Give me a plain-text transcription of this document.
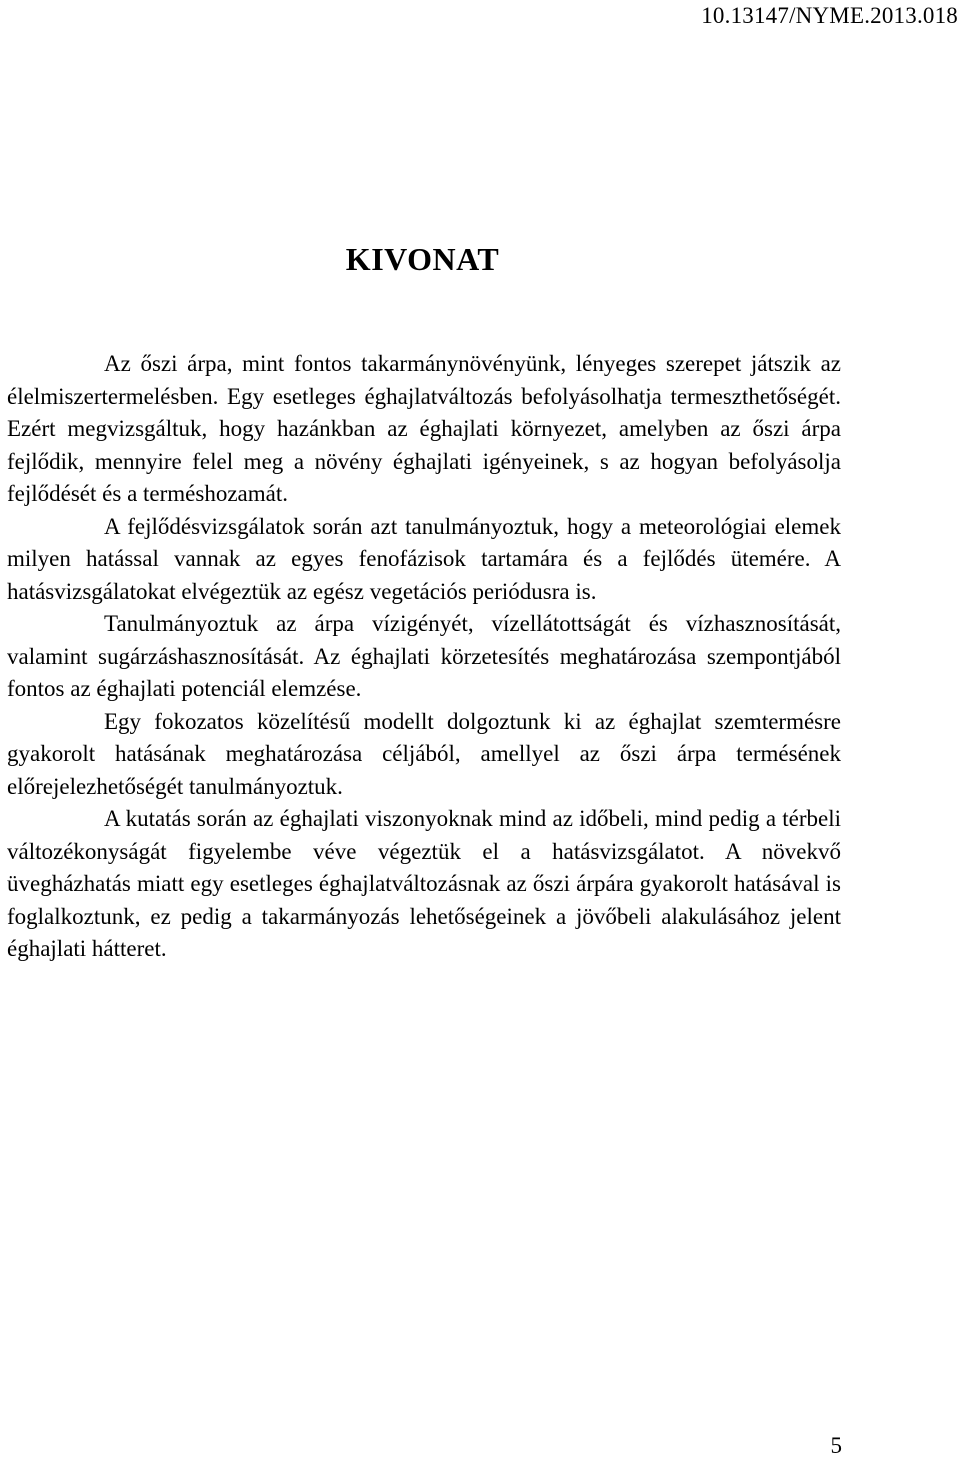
10.13147/NYME.2013.018
KIVONAT

Az őszi árpa, mint fontos takarmánynövényünk, lényeges szerepet játszik az élelmiszertermelésben. Egy esetleges éghajlatváltozás befolyásolhatja termeszthetőségét. Ezért megvizsgáltuk, hogy hazánkban az éghajlati környezet, amelyben az őszi árpa fejlődik, mennyire felel meg a növény éghajlati igényeinek, s az hogyan befolyásolja fejlődését és a terméshozamát.

A fejlődésvizsgálatok során azt tanulmányoztuk, hogy a meteorológiai elemek milyen hatással vannak az egyes fenofázisok tartamára és a fejlődés ütemére. A hatásvizsgálatokat elvégeztük az egész vegetációs periódusra is.

Tanulmányoztuk az árpa vízigényét, vízellátottságát és vízhasznosítását, valamint sugárzáshasznosítását. Az éghajlati körzetesítés meghatározása szempontjából fontos az éghajlati potenciál elemzése.

Egy fokozatos közelítésű modellt dolgoztunk ki az éghajlat szemtermésre gyakorolt hatásának meghatározása céljából, amellyel az őszi árpa termésének előrejelezhetőségét tanulmányoztuk.

A kutatás során az éghajlati viszonyoknak mind az időbeli, mind pedig a térbeli változékonyságát figyelembe véve végeztük el a hatásvizsgálatot. A növekvő üvegházhatás miatt egy esetleges éghajlatváltozásnak az őszi árpára gyakorolt hatásával is foglalkoztunk, ez pedig a takarmányozás lehetőségeinek a jövőbeli alakulásához jelent éghajlati hátteret.

5
